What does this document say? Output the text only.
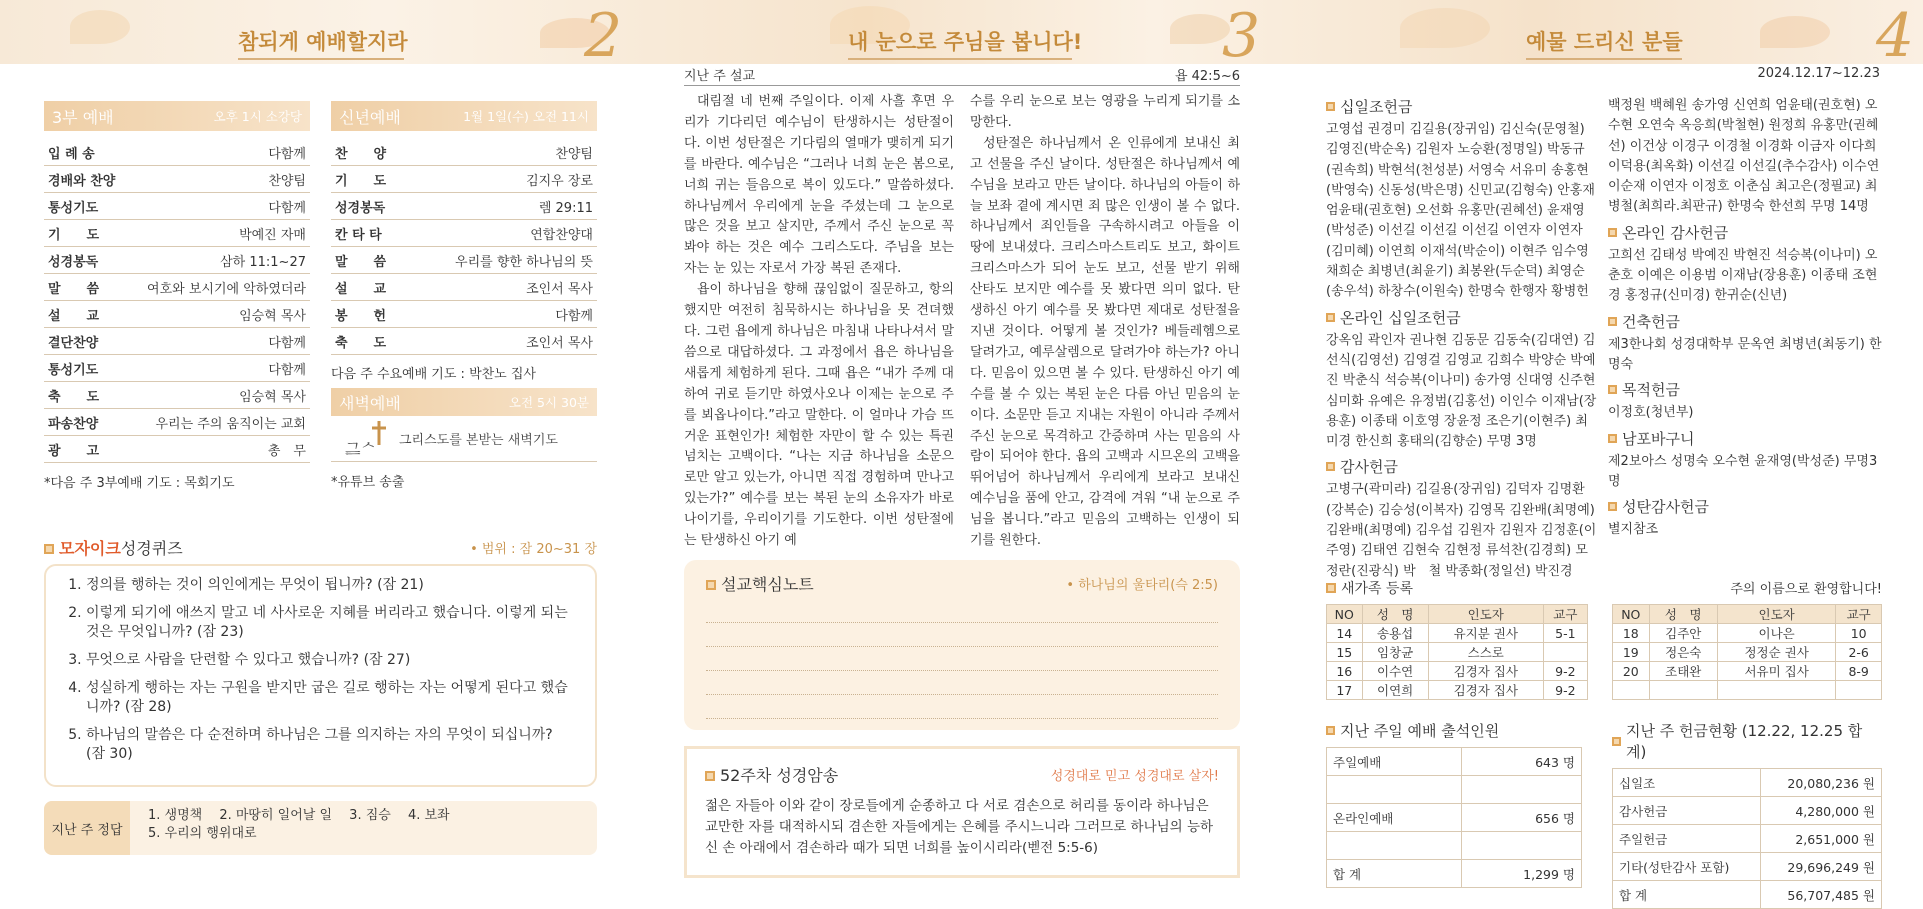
참되게 예배할지라	2	내 눈으로 주님을 봅니다! 3	예물 드리신 분들	4
3부 예배	오후 1시 소강당
입 례 송	다함께
경배와 찬양	찬양팀
통성기도	다함께
기　　도	박예진 자매
성경봉독	삼하 11:1~27
말　　씀	여호와 보시기에 악하였더라
설　　교	임승혁 목사
결단찬양	다함께
통성기도	다함께
축　　도	임승혁 목사
파송찬양	우리는 주의 움직이는 교회
광　　고	총　무
*다음 주 3부예배 기도 : 목회기도
신년예배	1월 1일(수) 오전 11시
찬　　양	찬양팀
기　　도	김지우 장로
성경봉독	렘 29:11
칸 타 타	연합찬양대
말　　씀	우리를 향한 하나님의 뜻
설　　교	조인서 목사
봉　　헌	다함께
축　　도	조인서 목사
다음 주 수요예배 기도 : 박찬노 집사
새벽예배	오전 5시 30분
ᄀᆖᄉ 그리스도를 본받는 새벽기도
*유튜브 송출
모자이크성경퀴즈	• 범위 : 잠 20~31 장
1. 정의를 행하는 것이 의인에게는 무엇이 됩니까? (잠 21)
2. 이렇게 되기에 애쓰지 말고 네 사사로운 지혜를 버리라고 했습니다. 이렇게 되는 것은 무엇입니까? (잠 23)
3. 무엇으로 사람을 단련할 수 있다고 했습니까? (잠 27)
4. 성실하게 행하는 자는 구원을 받지만 굽은 길로 행하는 자는 어떻게 된다고 했습니까? (잠 28)
5. 하나님의 말씀은 다 순전하며 하나님은 그를 의지하는 자의 무엇이 되십니까? (잠 30)
지난 주 정답
1. 생명책　 2. 마땅히 일어날 일　 3. 짐승　 4. 보좌
5. 우리의 행위대로
지난 주 설교	욥 42:5~6

대림절 네 번째 주일이다. 이제 사흘 후면 우리가 기다리던 예수님이 탄생하시는 성탄절이다. 이번 성탄절은 기다림의 열매가 맺히게 되기를 바란다. 예수님은 “그러나 너희 눈은 봄으로, 너희 귀는 들음으로 복이 있도다.” 말씀하셨다. 하나님께서 우리에게 눈을 주셨는데 그 눈으로 많은 것을 보고 살지만, 주께서 주신 눈으로 꼭 봐야 하는 것은 예수 그리스도다. 주님을 보는 자는 눈 있는 자로서 가장 복된 존재다.

욥이 하나님을 향해 끊임없이 질문하고, 항의했지만 여전히 침묵하시는 하나님을 못 견뎌했다. 그런 욥에게 하나님은 마침내 나타나셔서 말씀으로 대답하셨다. 그 과정에서 욥은 하나님을 새롭게 체험하게 된다. 그때 욥은 “내가 주께 대하여 귀로 듣기만 하였사오나 이제는 눈으로 주를 뵈옵나이다.”라고 말한다. 이 얼마나 가슴 뜨거운 표현인가! 체험한 자만이 할 수 있는 특권 넘치는 고백이다. “나는 지금 하나님을 소문으로만 알고 있는가, 아니면 직접 경험하며 만나고 있는가?” 예수를 보는 복된 눈의 소유자가 바로 나이기를, 우리이기를 기도한다. 이번 성탄절에는 탄생하신 아기 예

수를 우리 눈으로 보는 영광을 누리게 되기를 소망한다.

성탄절은 하나님께서 온 인류에게 보내신 최고 선물을 주신 날이다. 성탄절은 하나님께서 예수님을 보라고 만든 날이다. 하나님의 아들이 하늘 보좌 곁에 계시면 죄 많은 인생이 볼 수 없다. 하나님께서 죄인들을 구속하시려고 아들을 이 땅에 보내셨다. 크리스마스트리도 보고, 화이트 크리스마스가 되어 눈도 보고, 선물 받기 위해 산타도 보지만 예수를 못 봤다면 의미 없다. 탄생하신 아기 예수를 못 봤다면 제대로 성탄절을 지낸 것이다. 어떻게 볼 것인가? 베들레헴으로 달려가고, 예루살렘으로 달려가야 하는가? 아니다. 믿음이 있으면 볼 수 있다. 탄생하신 아기 예수를 볼 수 있는 복된 눈은 다름 아닌 믿음의 눈이다. 소문만 듣고 지내는 자원이 아니라 주께서 주신 눈으로 목격하고 간증하며 사는 믿음의 사람이 되어야 한다. 욥의 고백과 시므온의 고백을 뛰어넘어 하나님께서 우리에게 보라고 보내신 예수님을 품에 안고, 감격에 겨워 “내 눈으로 주님을 봅니다.”라고 믿음의 고백하는 인생이 되기를 원한다.

설교핵심노트	• 하나님의 울타리(슥 2:5)
52주차 성경암송	성경대로 믿고 성경대로 살자!
젊은 자들아 이와 같이 장로들에게 순종하고 다 서로 겸손으로 허리를 동이라 하나님은 교만한 자를 대적하시되 겸손한 자들에게는 은혜를 주시느니라 그러므로 하나님의 능하신 손 아래에서 겸손하라 때가 되면 너희를 높이시리라(벧전 5:5-6)
2024.12.17~12.23
십일조헌금
고영섭 권경미 김길용(장귀임) 김신숙(문영철) 김영진(박순옥) 김원자 노승환(정명일) 박동규(권속희) 박현석(천성분) 서영숙 서유미 송홍현(박영숙) 신동성(박은명) 신민교(김형숙) 안홍재 엄윤태(권호현) 오선화 유홍만(권혜선) 윤재영(박성준) 이선길 이선길 이선길 이연자 이연자(김미혜) 이연희 이재석(박순이) 이현주 임수영 채희순 최병년(최윤기) 최봉완(두순덕) 최영순(송우석) 하창수(이원숙) 한명숙 한행자 황병헌
온라인 십일조헌금
강옥임 곽인자 권나현 김동문 김동숙(김대연) 김선식(김영선) 김영걸 김영교 김희수 박양순 박예진 박춘식 석승복(이나미) 송가영 신대영 신주현 심미화 유예은 유정범(김홍선) 이인수 이재남(장용훈) 이종태 이호영 장윤정 조은기(이현주) 최미경 한신희 홍태의(김향순) 무명 3명
감사헌금
고병구(곽미라) 김길용(장귀임) 김덕자 김명환(강복순) 김승성(이복자) 김영목 김완배(최명예) 김완배(최명예) 김우섭 김원자 김원자 김정훈(이주영) 김태연 김현숙 김현정 류석찬(김경희) 모정란(진광식) 박　철 박종화(정일선) 박진경
백정원 백혜원 송가영 신연희 엄윤태(권호현) 오수현 오연숙 옥응희(박철현) 원정희 유홍만(권혜선) 이건상 이경구 이경철 이경화 이금자 이다희 이덕용(최옥화) 이선길 이선길(추수감사) 이수연 이순재 이연자 이정호 이춘심 최고은(정필교) 최병철(최희라.최판규) 한명숙 한선희 무명 14명
온라인 감사헌금
고희선 김태성 박예진 박현진 석승복(이나미) 오춘호 이예은 이용범 이재남(장용훈) 이종태 조현경 홍정규(신미경) 한귀순(신년)
건축헌금
제3한나회 성경대학부 문옥연 최병년(최동기) 한명숙
목적헌금
이정호(청년부)
남포바구니
제2보아스 성명숙 오수현 윤재영(박성준) 무명3명
성탄감사헌금
별지참조
새가족 등록	주의 이름으로 환영합니다!
NO	성　명	인도자	교구
14	송용섭	유지분 권사	5-1
15	임창균	스스로	
16	이수연	김경자 집사	9-2
17	이연희	김경자 집사	9-2
NO	성　명	인도자	교구
18	김주안	이나은	10
19	정은숙	정정순 권사	2-6
20	조태완	서유미 집사	8-9

지난 주일 예배 출석인원
주일예배	643 명

온라인예배	656 명

합 계	1,299 명
지난 주 헌금현황 (12.22, 12.25 합계)
십일조	20,080,236 원
감사헌금	4,280,000 원
주일헌금	2,651,000 원
기타(성탄감사 포함)	29,696,249 원
합 계	56,707,485 원
